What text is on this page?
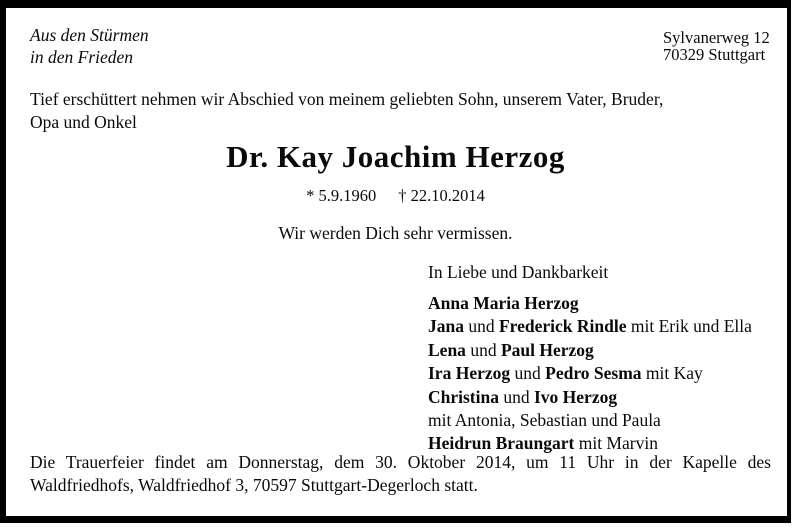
Aus den Stürmen
in den Frieden
Sylvanerweg 12
70329 Stuttgart
Tief erschüttert nehmen wir Abschied von meinem geliebten Sohn, unserem Vater, Bruder,
Opa und Onkel
Dr. Kay Joachim Herzog
* 5.9.1960 † 22.10.2014
Wir werden Dich sehr vermissen.
In Liebe und Dankbarkeit
Anna Maria Herzog
Jana und Frederick Rindle mit Erik und Ella
Lena und Paul Herzog
Ira Herzog und Pedro Sesma mit Kay
Christina und Ivo Herzog
mit Antonia, Sebastian und Paula
Heidrun Braungart mit Marvin
Die Trauerfeier findet am Donnerstag, dem 30. Oktober 2014, um 11 Uhr in der Kapelle des
Waldfriedhofs, Waldfriedhof 3, 70597 Stuttgart-Degerloch statt.
